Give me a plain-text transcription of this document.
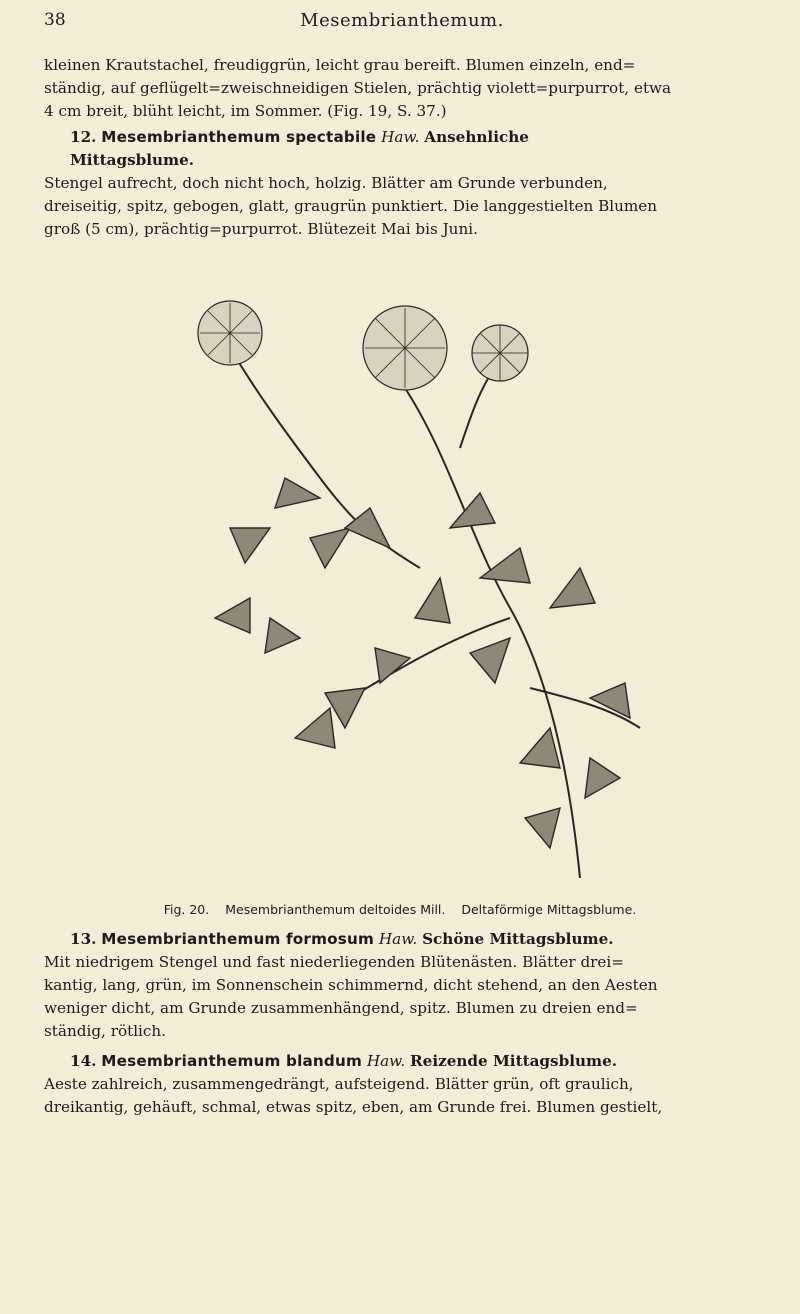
38	Mesembrianthemum.
kleinen Krautstachel, freudiggrün, leicht grau bereift. Blumen einzeln, end=
ständig, auf geflügelt=zweischneidigen Stielen, prächtig violett=purpurrot, etwa
4 cm breit, blüht leicht, im Sommer. (Fig. 19, S. 37.)
12. Mesembrianthemum spectabile Haw. Ansehnliche
Mittagsblume.
Stengel aufrecht, doch nicht hoch, holzig. Blätter am Grunde verbunden,
dreiseitig, spitz, gebogen, glatt, graugrün punktiert. Die langgestielten Blumen
groß (5 cm), prächtig=purpurrot. Blütezeit Mai bis Juni.
Fig. 20. Mesembrianthemum deltoides Mill. Deltaförmige Mittagsblume.
13. Mesembrianthemum formosum Haw. Schöne Mittagsblume.
Mit niedrigem Stengel und fast niederliegenden Blütenästen. Blätter drei=
kantig, lang, grün, im Sonnenschein schimmernd, dicht stehend, an den Aesten
weniger dicht, am Grunde zusammenhängend, spitz. Blumen zu dreien end=
ständig, rötlich.
14. Mesembrianthemum blandum Haw. Reizende Mittagsblume.
Aeste zahlreich, zusammengedrängt, aufsteigend. Blätter grün, oft graulich,
dreikantig, gehäuft, schmal, etwas spitz, eben, am Grunde frei. Blumen gestielt,
